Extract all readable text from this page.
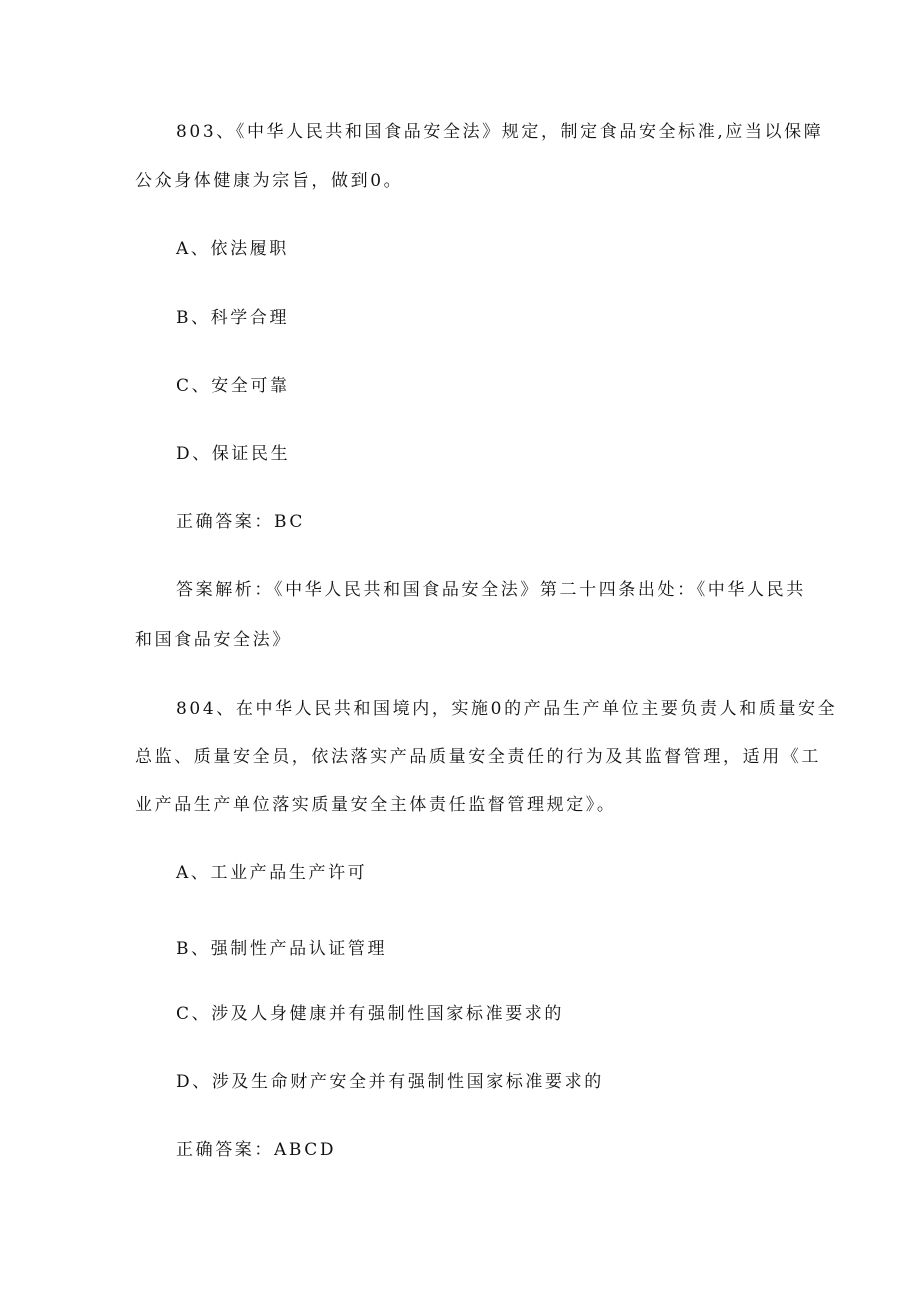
803、《中华人民共和国食品安全法》规定，制定食品安全标准,应当以保障
公众身体健康为宗旨，做到0。
A、依法履职
B、科学合理
C、安全可靠
D、保证民生
正确答案：BC
答案解析：《中华人民共和国食品安全法》第二十四条出处：《中华人民共
和国食品安全法》
804、在中华人民共和国境内，实施0的产品生产单位主要负责人和质量安全
总监、质量安全员，依法落实产品质量安全责任的行为及其监督管理，适用《工
业产品生产单位落实质量安全主体责任监督管理规定》。
A、工业产品生产许可
B、强制性产品认证管理
C、涉及人身健康并有强制性国家标准要求的
D、涉及生命财产安全并有强制性国家标准要求的
正确答案：ABCD
